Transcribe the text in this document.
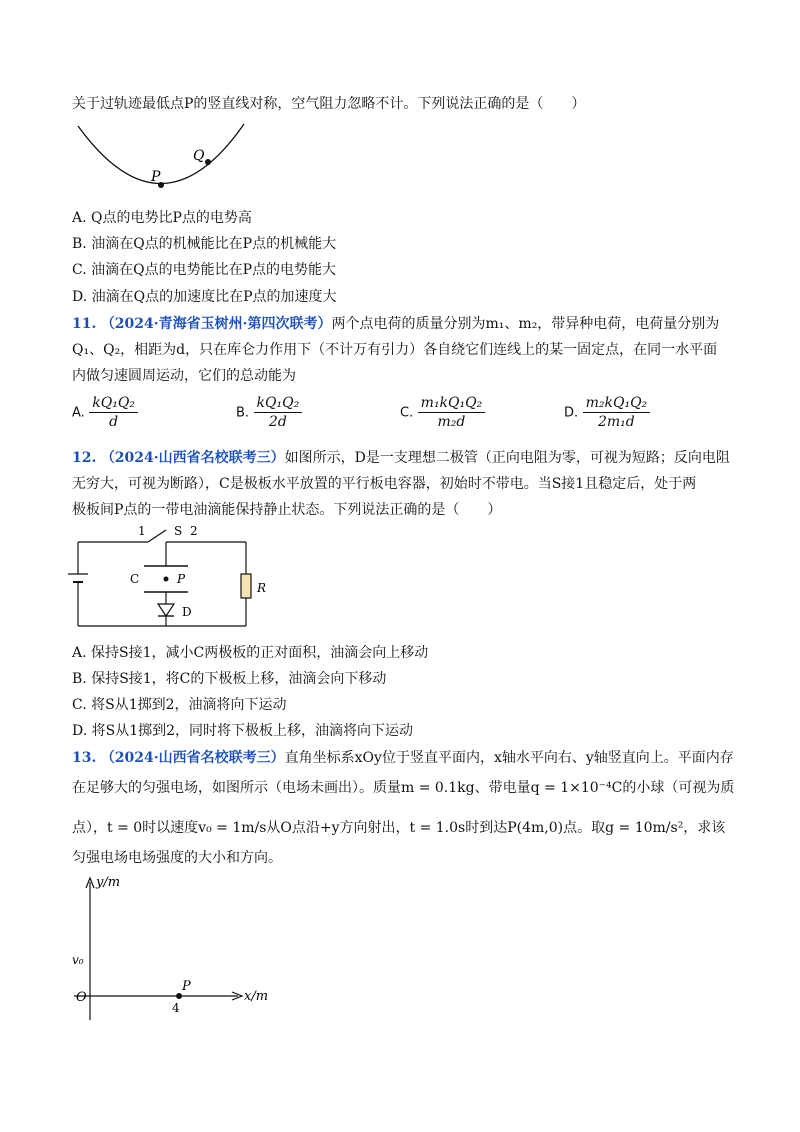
关于过轨迹最低点P的竖直线对称，空气阻力忽略不计。下列说法正确的是（　　）
Q
P
A. Q点的电势比P点的电势高
B. 油滴在Q点的机械能比在P点的机械能大
C. 油滴在Q点的电势能比在P点的电势能大
D. 油滴在Q点的加速度比在P点的加速度大
11. （2024·青海省玉树州·第四次联考）两个点电荷的质量分别为m₁、m₂，带异种电荷，电荷量分别为
Q₁、Q₂，相距为d，只在库仑力作用下（不计万有引力）各自绕它们连线上的某一固定点，在同一水平面
内做匀速圆周运动，它们的总动能为
A. $\frac{\text{kQ₁Q₂}}{d}$	B. $\frac{\text{kQ₁Q₂}}{2d}$	C. $\frac{\text{m₁kQ₁Q₂}}{\text{m₂d}}$	D. $\frac{\text{m₂kQ₁Q₂}}{\text{2m₁d}}$
12. （2024·山西省名校联考三）如图所示，D是一支理想二极管（正向电阻为零，可视为短路；反向电阻
无穷大，可视为断路），C是极板水平放置的平行板电容器，初始时不带电。当S接1且稳定后，处于两
极板间P点的一带电油滴能保持静止状态。下列说法正确的是（　　）
1 S 2
C	P
D
R
A. 保持S接1，减小C两极板的正对面积，油滴会向上移动
B. 保持S接1，将C的下极板上移，油滴会向下移动
C. 将S从1掷到2，油滴将向下运动
D. 将S从1掷到2，同时将下极板上移，油滴将向下运动
13. （2024·山西省名校联考三）直角坐标系xOy位于竖直平面内，x轴水平向右、y轴竖直向上。平面内存
在足够大的匀强电场，如图所示（电场未画出）。质量m = 0.1kg、带电量q = 1×10⁻⁴C的小球（可视为质
点），t = 0时以速度v₀ = 1m/s从O点沿+y方向射出，t = 1.0s时到达P(4m,0)点。取g = 10m/s²，求该
匀强电场电场强度的大小和方向。
y/m
x/m
O
v₀
P
4
